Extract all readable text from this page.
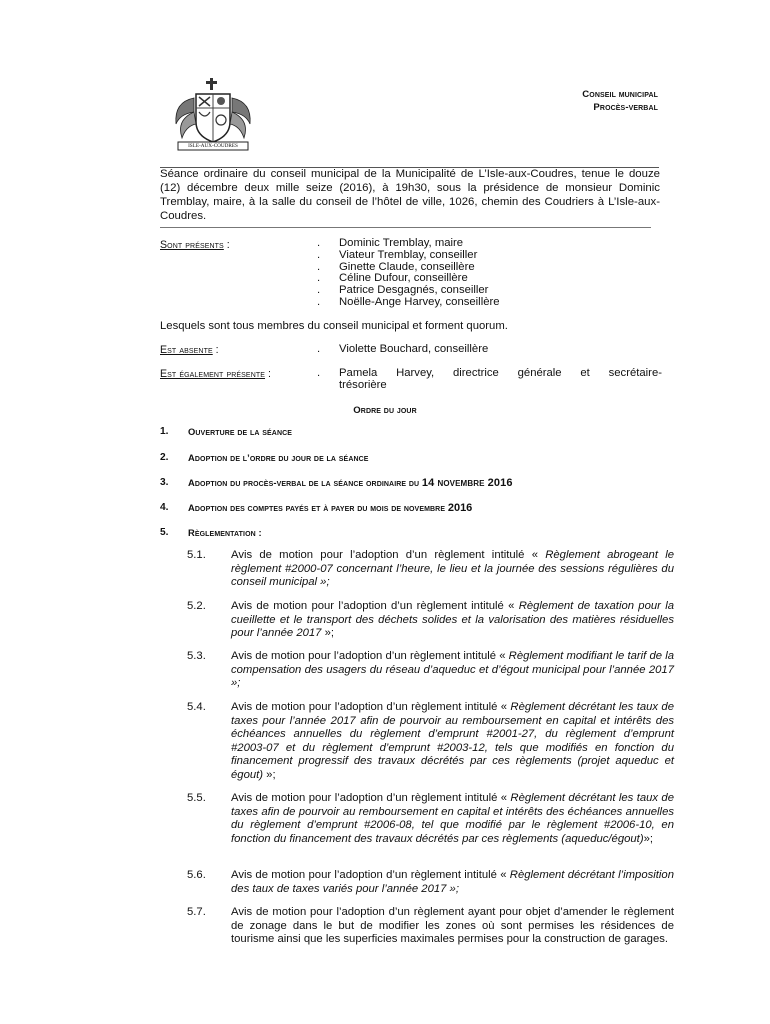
ISLE-AUX-COUDRES
Conseil municipal
Procès-verbal
Séance ordinaire du conseil municipal de la Municipalité de L’Isle-aux-Coudres, tenue le douze (12) décembre deux mille seize (2016), à 19h30, sous la présidence de monsieur Dominic Tremblay, maire, à la salle du conseil de l’hôtel de ville, 1026, chemin des Coudriers à L’Isle-aux-Coudres.
Sont présents :	.	Dominic Tremblay, maire
.	Viateur Tremblay, conseiller
.	Ginette Claude, conseillère
.	Céline Dufour, conseillère
.	Patrice Desgagnés, conseiller
.	Noëlle-Ange Harvey, conseillère
Lesquels sont tous membres du conseil municipal et forment quorum.
Est absente :	.	Violette Bouchard, conseillère
Est également présente :	.	Pamela Harvey, directrice générale et secrétaire-
trésorière
Ordre du jour
1.	Ouverture de la séance
2.	Adoption de l’ordre du jour de la séance
3.	Adoption du procès-verbal de la séance ordinaire du 14 novembre 2016
4.	Adoption des comptes payés et à payer du mois de novembre 2016
5.	Règlementation :
5.1.	Avis de motion pour l’adoption d’un règlement intitulé « Règlement abrogeant le règlement #2000-07 concernant l’heure, le lieu et la journée des sessions régulières du conseil municipal »;
5.2.	Avis de motion pour l’adoption d’un règlement intitulé « Règlement de taxation pour la cueillette et le transport des déchets solides et la valorisation des matières résiduelles pour l’année 2017 »;
5.3.	Avis de motion pour l’adoption d’un règlement intitulé « Règlement modifiant le tarif de la compensation des usagers du réseau d’aqueduc et d’égout municipal pour l’année 2017 »;
5.4.	Avis de motion pour l’adoption d’un règlement intitulé « Règlement décrétant les taux de taxes pour l’année 2017 afin de pourvoir au remboursement en capital et intérêts des échéances annuelles du règlement d’emprunt #2001-27, du règlement d’emprunt #2003-07 et du règlement d’emprunt #2003-12, tels que modifiés en fonction du financement progressif des travaux décrétés par ces règlements (projet aqueduc et égout) »;
5.5.	Avis de motion pour l’adoption d’un règlement intitulé « Règlement décrétant les taux de taxes afin de pourvoir au remboursement en capital et intérêts des échéances annuelles du règlement d’emprunt #2006-08, tel que modifié par le règlement #2006-10, en fonction du financement des travaux décrétés par ces règlements (aqueduc/égout)»;
5.6.	Avis de motion pour l’adoption d’un règlement intitulé « Règlement décrétant l’imposition des taux de taxes variés pour l’année 2017 »;
5.7.	Avis de motion pour l’adoption d’un règlement ayant pour objet d’amender le règlement de zonage dans le but de modifier les zones où sont permises les résidences de tourisme ainsi que les superficies maximales permises pour la construction de garages.
